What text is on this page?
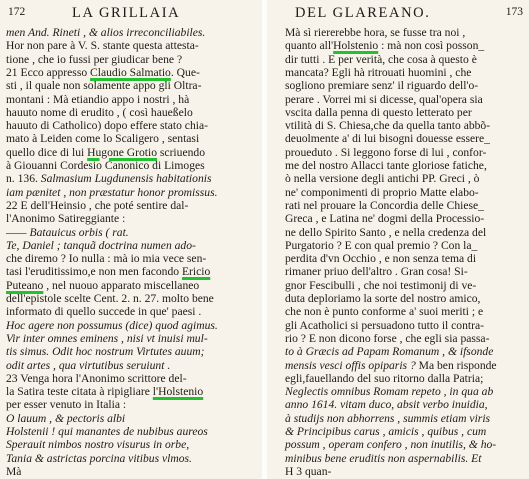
172	LA GRILLAIA
men And. Rineti , & alios irreconciliabiles.
Hor non pare à V. S. stante questa attesta-
tione , che io fussi per giudicar bene ?
21 Ecco appresso Claudio Salmatio. Que-
sti , il quale non solamente appo gli Oltra-
montani : Mà etiandio appo i nostri , hà
hauuto nome di erudito , ( così haueßelo
hauuto di Catholico) dopo effere stato chia-
mato à Leiden come lo Scaligero , sentasi
quello dice di lui Hugone Grotio scriuendo
à Giouanni Cordesio Canonico di Limoges
n. 136. Salmasium Lugdunensis habitationis
iam pænitet , non præstatur honor promissus.
22 E dell'Heinsio , che poté sentire dal-
l'Anonimo Satireggiante :
—— Batauicus orbis ( rat.
Te, Daniel ; tanquã doctrina numen ado-
che diremo ? Io nulla : mà io mia vece sen-
tasi l'eruditissimo,e non men facondo Ericio
Puteano , nel nuouo apparato miscellaneo
dell'epistole scelte Cent. 2. n. 27. molto bene
informato di quello succede in que' paesi .
Hoc agere non possumus (dice) quod agimus.
Vir inter omnes eminens , nisi vt inuisi mul-
tis simus. Odit hoc nostrum Virtutes auum;
odit artes , qua virtutibus seruiunt .
23 Venga hora l'Anonimo scrittore del-
la Satira teste citata à ripigliare l'Holstenio
per esser venuto in Italia :
O lauum , & pectoris albi
Holstenii ! qui manantes de nubibus aureos
Sperauit nimbos nostro visurus in orbe,
Tania & astrictas porcina vitibus vlmos.
Mà
DEL GLAREANO.	173
Mà sì riererebbe hora, se fusse tra noi ,
quanto all'Holstenio : mà non così posson_
dir tutti . E per verità, che cosa à questo è
mancata? Egli hà ritrouati huomini , che
sogliono premiare senz' il riguardo dell'o-
perare . Vorrei mi si dicesse, qual'opera sia
vscita dalla penna di questo letterato per
vtilità di S. Chiesa,che da quella tanto abbõ-
deuolmente a' di lui bisogni douesse essere_
proueduto . Si leggono forse di lui , confor-
me del nostro Allacci tante gloriose fatiche,
ò nella versione degli antichi PP. Greci , ò
ne' componimenti di proprio Matte elabo-
rati nel prouare la Concordia delle Chiese_
Greca , e Latina ne' dogmi della Processio-
ne dello Spirito Santo , e nella credenza del
Purgatorio ? E con qual premio ? Con la_
perdita d'vn Occhio , e non senza tema di
rimaner priuo dell'altro . Gran cosa! Si-
gnor Fescibulli , che noi testimonij di ve-
duta deploriamo la sorte del nostro amico,
che non è punto conforme a' suoi meriti ; e
gli Acatholici si persuadono tutto il contra-
rio ? E non dicono forse , che egli sia passa-
to à Græcis ad Papam Romanum , & ifsonde
mensis vesci offis opiparis ? Ma ben risponde
egli,fauellando del suo ritorno dalla Patria;
Neglectis omnibus Romam repeto , in qua ab
anno 1614. vitam duco, absit verbo inuidia,
à studijs non abhorrens , summis etiam viris
& Principibus carus , amicis , quibus , cum
possum , operam confero , non inutilis, & ho-
minibus bene eruditis non aspernabilis. Et
H 3 quan-
